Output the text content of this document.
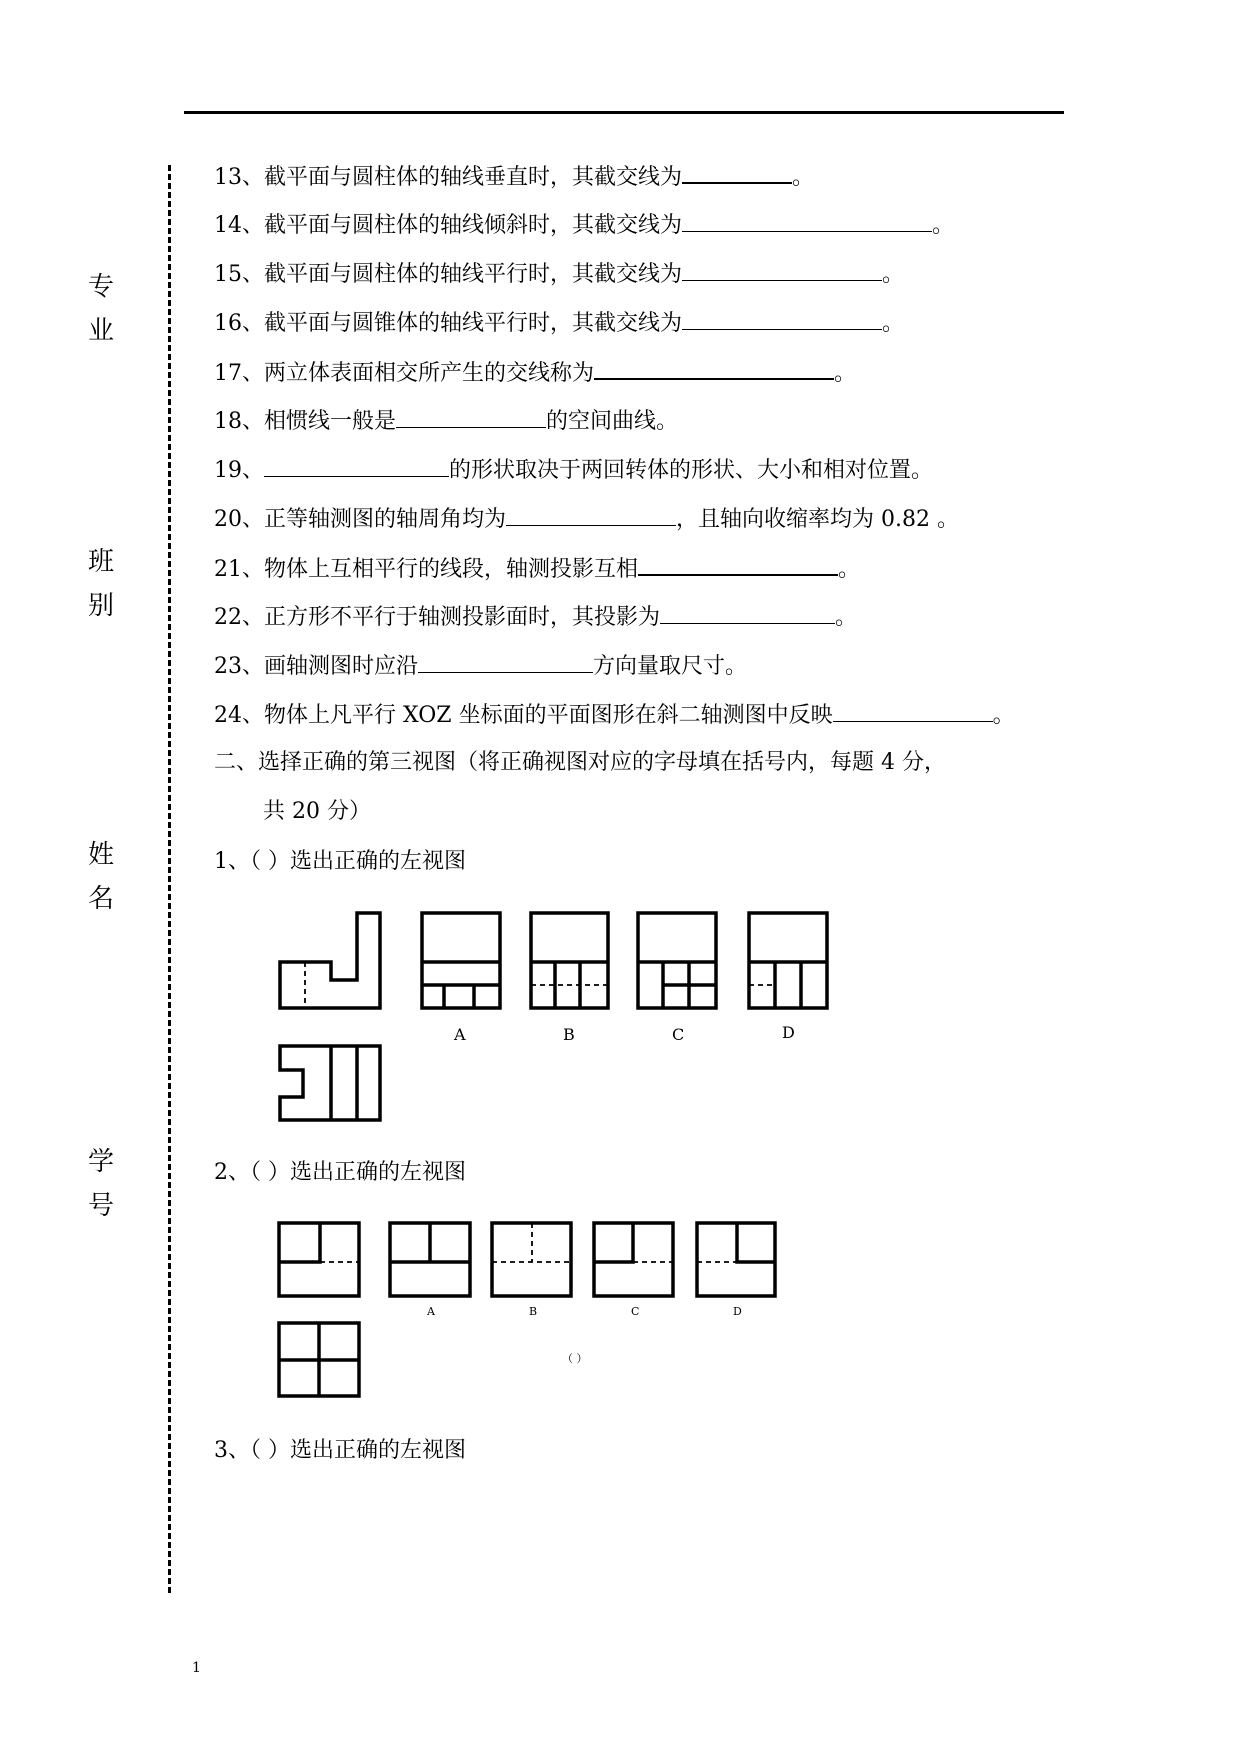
专
业
班
别
姓
名
学
号
13、截平面与圆柱体的轴线垂直时，其截交线为	。
14、截平面与圆柱体的轴线倾斜时，其截交线为	。
15、截平面与圆柱体的轴线平行时，其截交线为	。
16、截平面与圆锥体的轴线平行时，其截交线为	。
17、两立体表面相交所产生的交线称为	。
18、相惯线一般是	的空间曲线。
19、	的形状取决于两回转体的形状、大小和相对位置。
20、正等轴测图的轴周角均为	，且轴向收缩率均为 0.82 。
21、物体上互相平行的线段，轴测投影互相	。
22、正方形不平行于轴测投影面时，其投影为	。
23、画轴测图时应沿	方向量取尺寸。
24、物体上凡平行 XOZ 坐标面的平面图形在斜二轴测图中反映	。
二、选择正确的第三视图（将正确视图对应的字母填在括号内，每题 4 分，
共 20 分）
1、（ ）选出正确的左视图
A	B	C	D
2、（ ）选出正确的左视图
A	B	C	D
（ ）
3、（ ）选出正确的左视图
1
